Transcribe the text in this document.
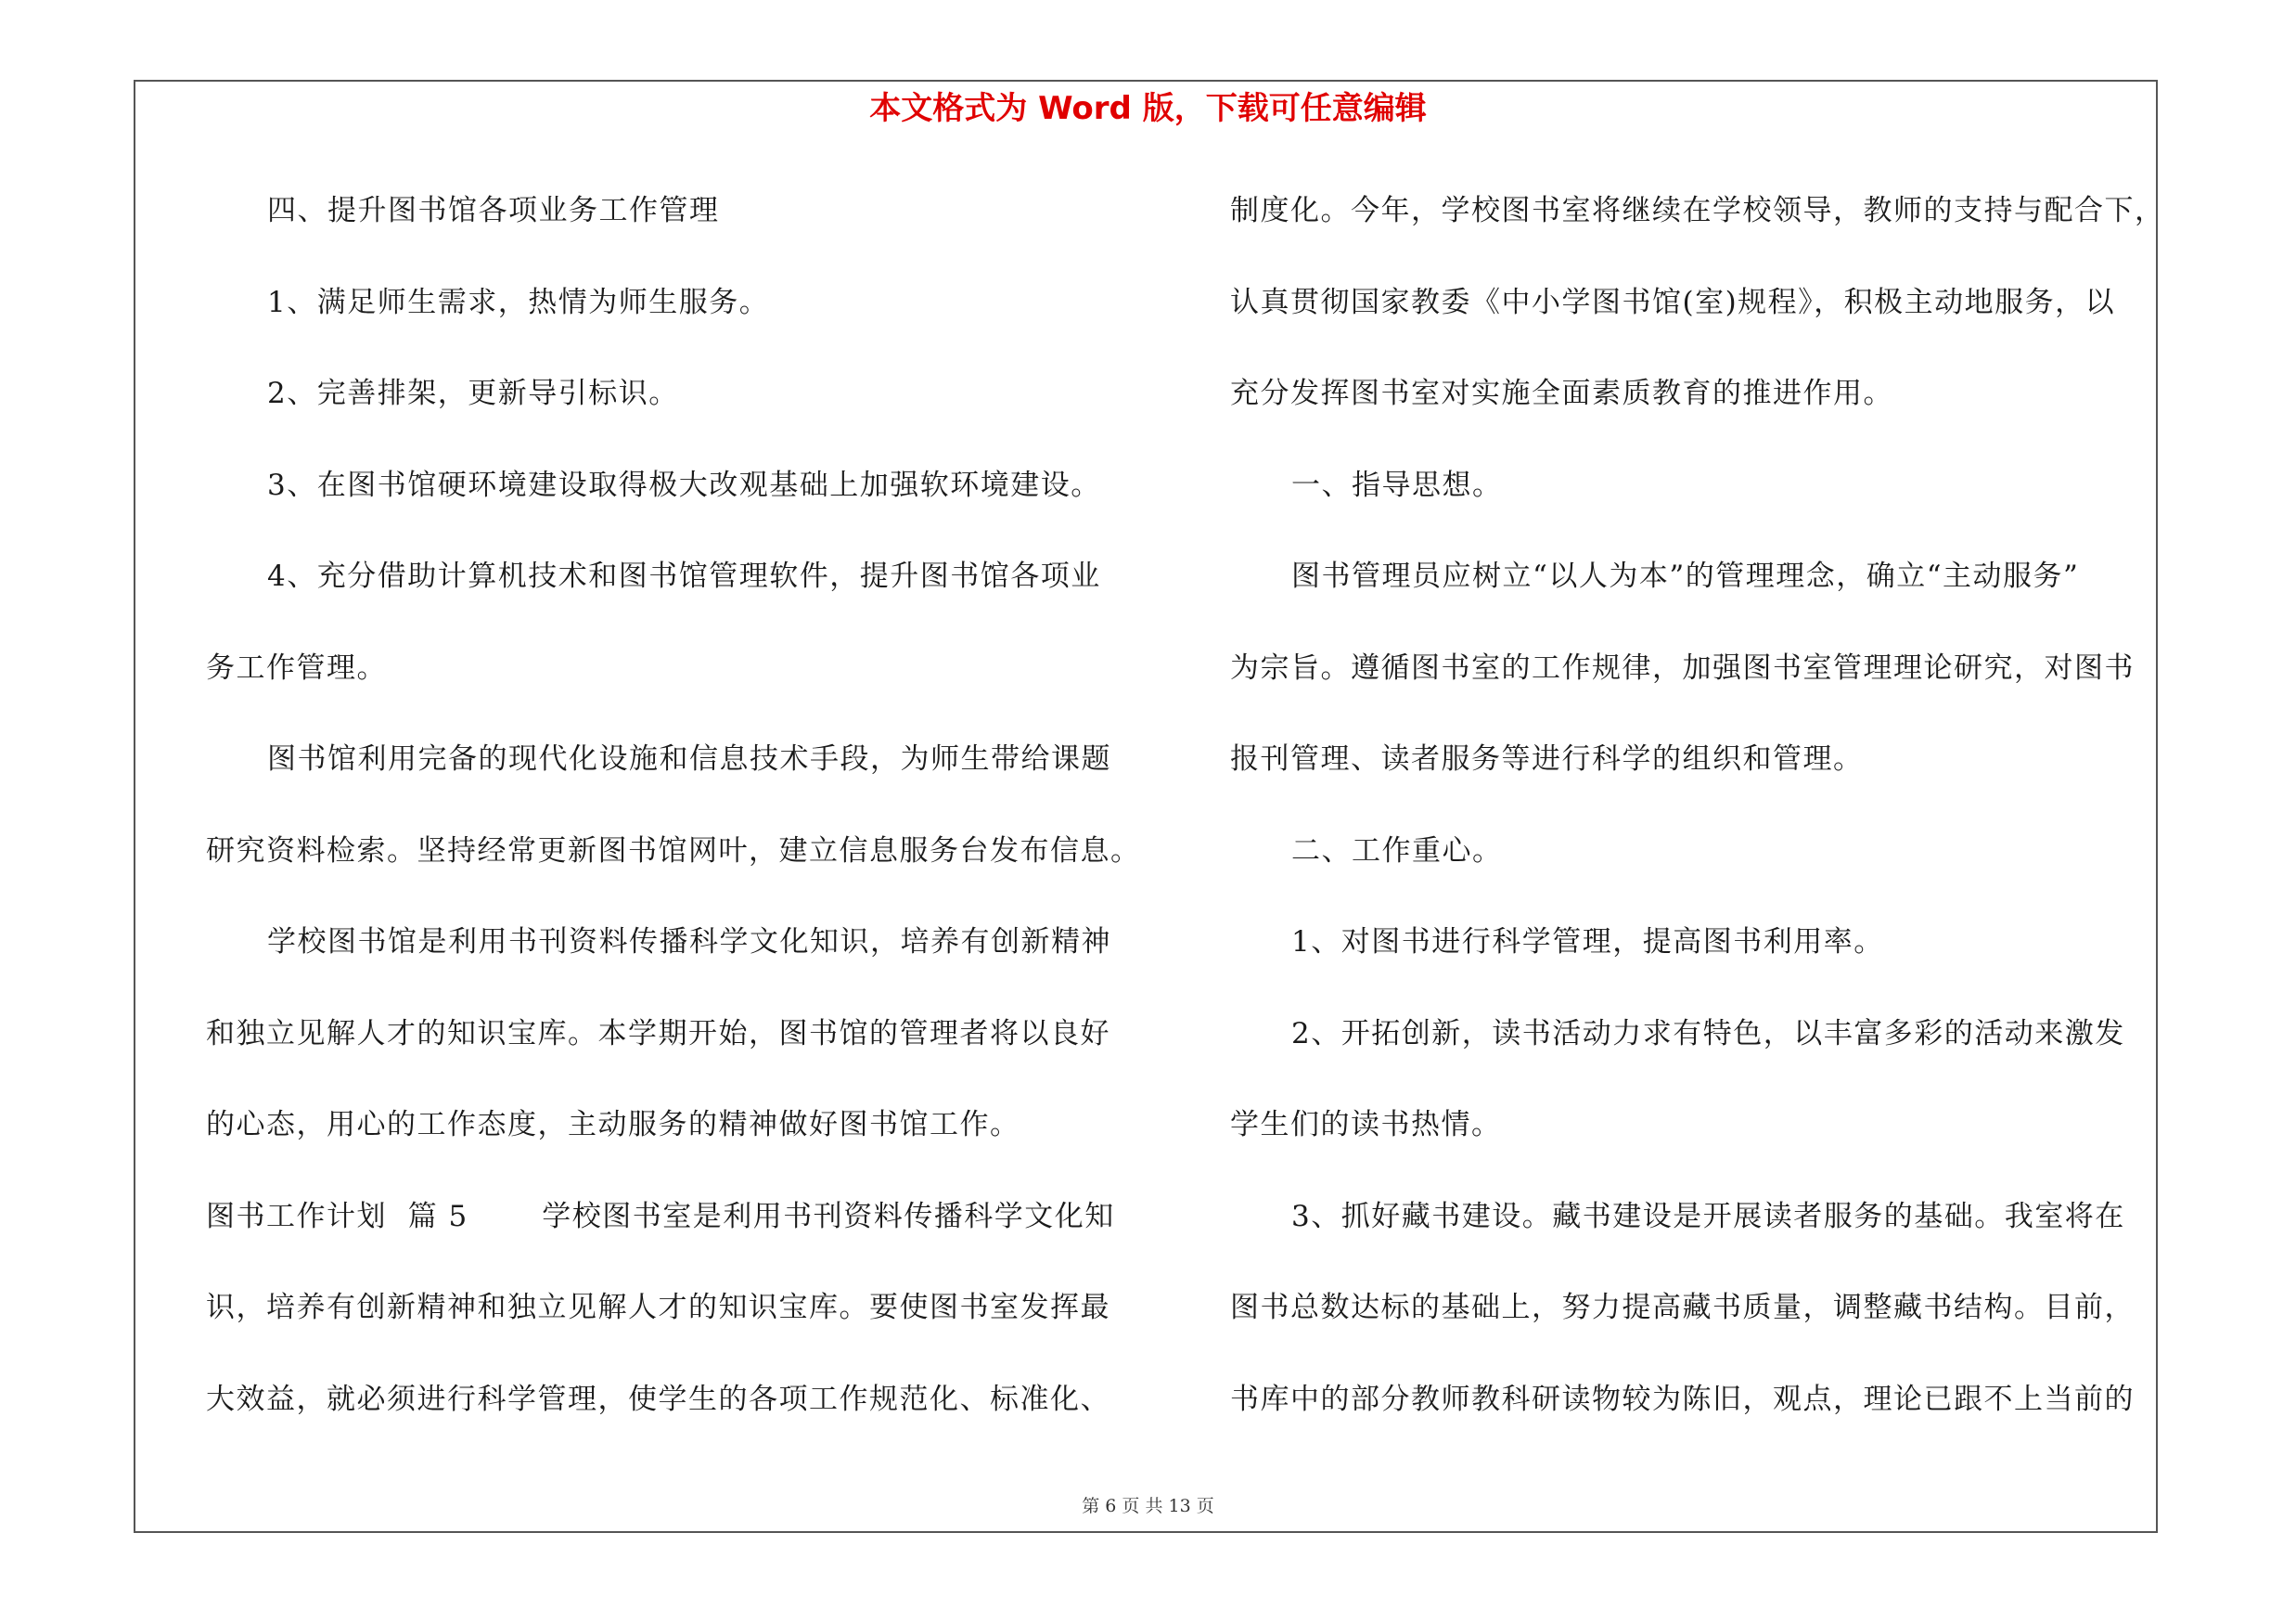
本文格式为 Word 版，下载可任意编辑
四、提升图书馆各项业务工作管理
1、满足师生需求，热情为师生服务。
2、完善排架，更新导引标识。
3、在图书馆硬环境建设取得极大改观基础上加强软环境建设。
4、充分借助计算机技术和图书馆管理软件，提升图书馆各项业
务工作管理。
图书馆利用完备的现代化设施和信息技术手段，为师生带给课题
研究资料检索。坚持经常更新图书馆网叶，建立信息服务台发布信息。
学校图书馆是利用书刊资料传播科学文化知识，培养有创新精神
和独立见解人才的知识宝库。本学期开始，图书馆的管理者将以良好
的心态，用心的工作态度，主动服务的精神做好图书馆工作。
图书工作计划  篇 5       学校图书室是利用书刊资料传播科学文化知
识，培养有创新精神和独立见解人才的知识宝库。要使图书室发挥最
大效益，就必须进行科学管理，使学生的各项工作规范化、标准化、
制度化。今年，学校图书室将继续在学校领导，教师的支持与配合下，
认真贯彻国家教委《中小学图书馆(室)规程》，积极主动地服务，以
充分发挥图书室对实施全面素质教育的推进作用。
一、指导思想。
图书管理员应树立“以人为本”的管理理念，确立“主动服务”
为宗旨。遵循图书室的工作规律，加强图书室管理理论研究，对图书
报刊管理、读者服务等进行科学的组织和管理。
二、工作重心。
1、对图书进行科学管理，提高图书利用率。
2、开拓创新，读书活动力求有特色，以丰富多彩的活动来激发
学生们的读书热情。
3、抓好藏书建设。藏书建设是开展读者服务的基础。我室将在
图书总数达标的基础上，努力提高藏书质量，调整藏书结构。目前，
书库中的部分教师教科研读物较为陈旧，观点，理论已跟不上当前的
第 6 页 共 13 页
